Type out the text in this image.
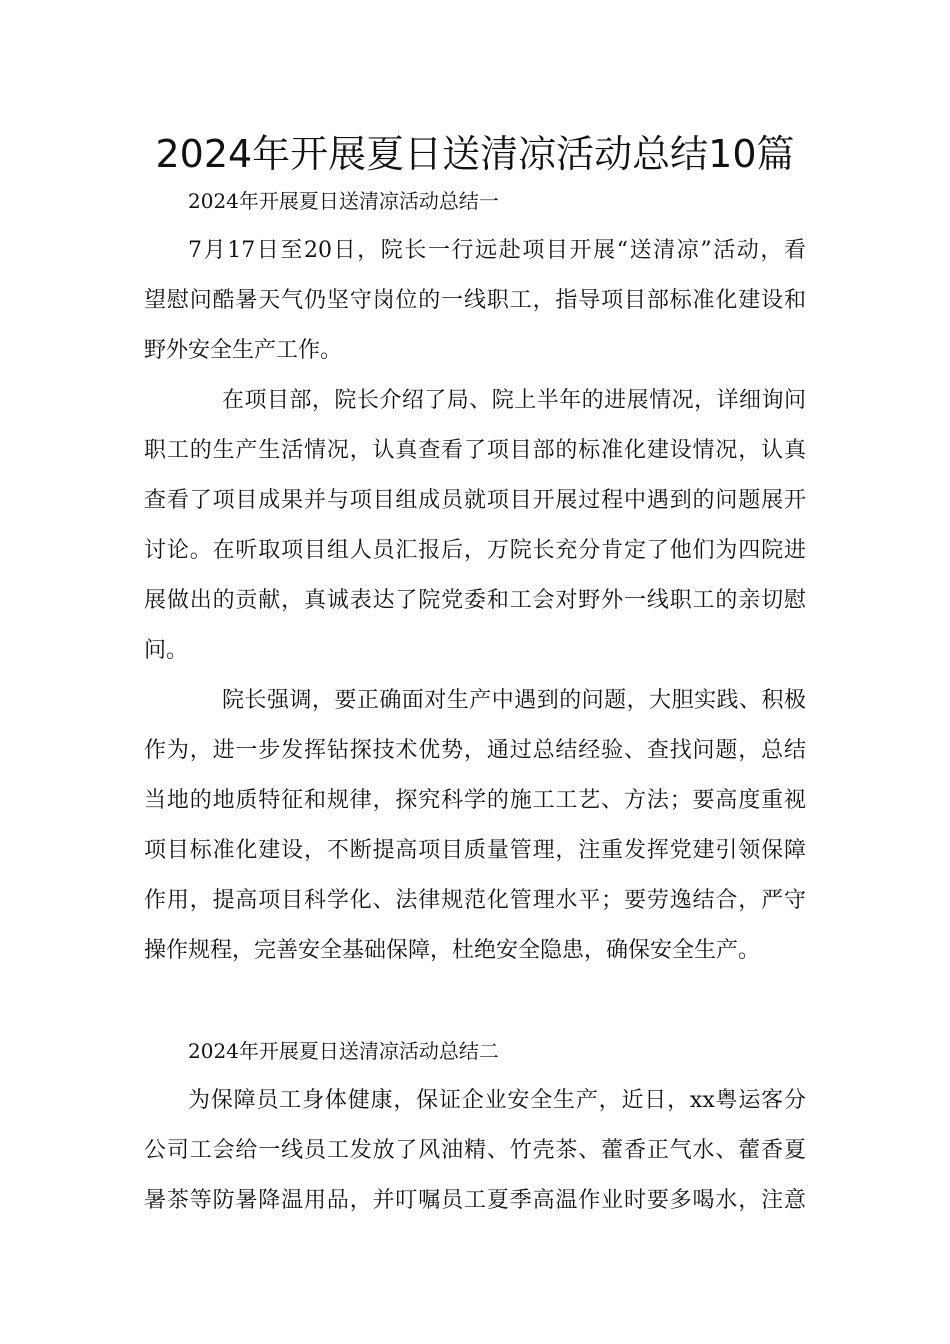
2024年开展夏日送清凉活动总结10篇
2024年开展夏日送清凉活动总结一
7月17日至20日，院长一行远赴项目开展“送清凉”活动，看
望慰问酷暑天气仍坚守岗位的一线职工，指导项目部标准化建设和
野外安全生产工作。
在项目部，院长介绍了局、院上半年的进展情况，详细询问
职工的生产生活情况，认真查看了项目部的标准化建设情况，认真
查看了项目成果并与项目组成员就项目开展过程中遇到的问题展开
讨论。在听取项目组人员汇报后，万院长充分肯定了他们为四院进
展做出的贡献，真诚表达了院党委和工会对野外一线职工的亲切慰
问。
院长强调，要正确面对生产中遇到的问题，大胆实践、积极
作为，进一步发挥钻探技术优势，通过总结经验、查找问题，总结
当地的地质特征和规律，探究科学的施工工艺、方法；要高度重视
项目标准化建设，不断提高项目质量管理，注重发挥党建引领保障
作用，提高项目科学化、法律规范化管理水平；要劳逸结合，严守
操作规程，完善安全基础保障，杜绝安全隐患，确保安全生产。
2024年开展夏日送清凉活动总结二
为保障员工身体健康，保证企业安全生产，近日，xx粤运客分
公司工会给一线员工发放了风油精、竹壳茶、藿香正气水、藿香夏
暑茶等防暑降温用品，并叮嘱员工夏季高温作业时要多喝水，注意
